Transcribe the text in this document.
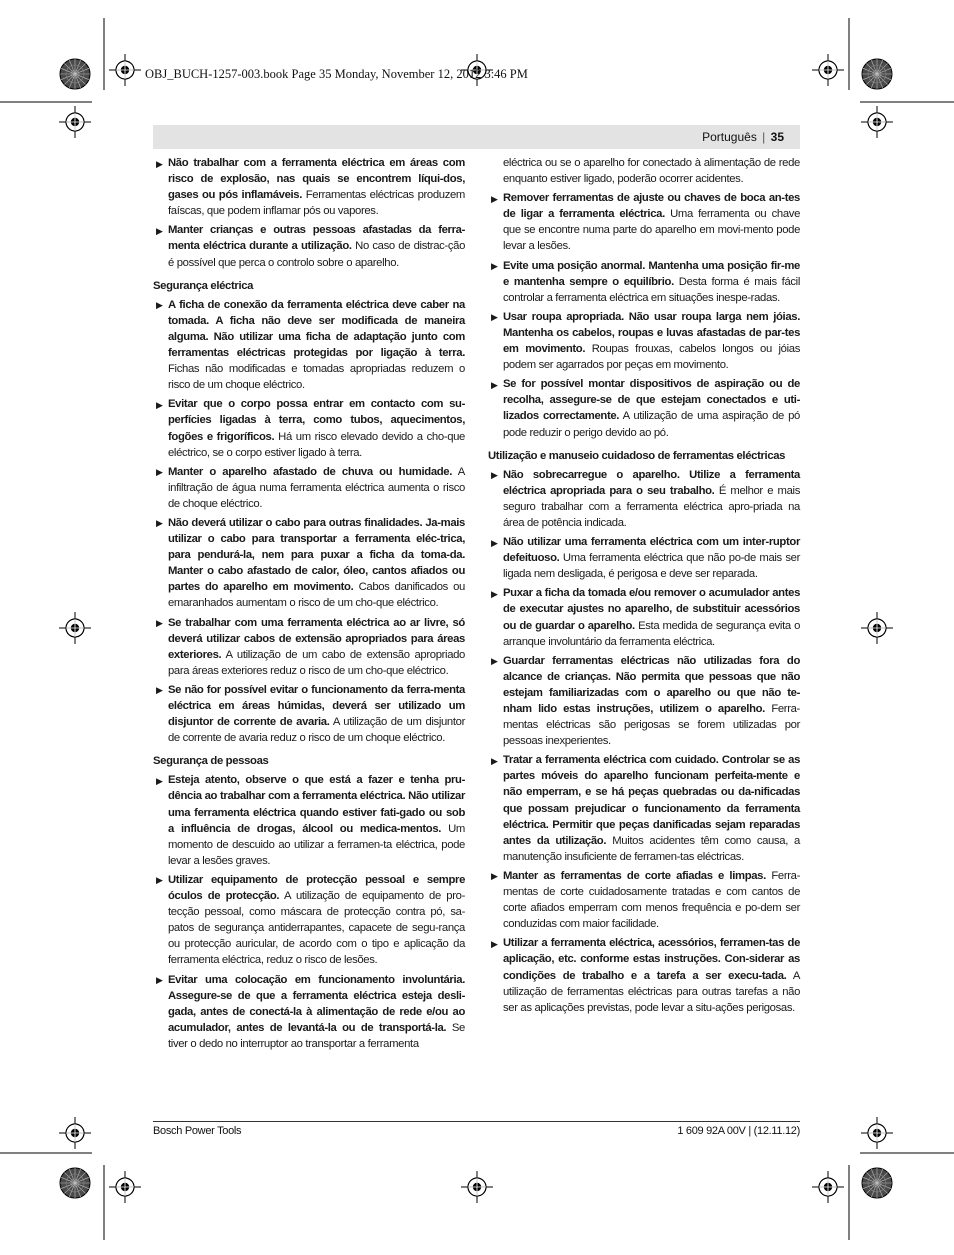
OBJ_BUCH-1257-003.book Page 35 Monday, November 12, 2012 3:46 PM
Português | 35
▶ Não trabalhar com a ferramenta eléctrica em áreas com risco de explosão, nas quais se encontrem líqui-dos, gases ou pós inflamáveis. Ferramentas eléctricas produzem faíscas, que podem inflamar pós ou vapores.
▶ Manter crianças e outras pessoas afastadas da ferra-menta eléctrica durante a utilização. No caso de distrac-ção é possível que perca o controlo sobre o aparelho.
Segurança eléctrica
▶ A ficha de conexão da ferramenta eléctrica deve caber na tomada. A ficha não deve ser modificada de maneira alguma. Não utilizar uma ficha de adaptação junto com ferramentas eléctricas protegidas por ligação à terra. Fichas não modificadas e tomadas apropriadas reduzem o risco de um choque eléctrico.
▶ Evitar que o corpo possa entrar em contacto com su-perfícies ligadas à terra, como tubos, aquecimentos, fogões e frigoríficos. Há um risco elevado devido a cho-que eléctrico, se o corpo estiver ligado à terra.
▶ Manter o aparelho afastado de chuva ou humidade. A infiltração de água numa ferramenta eléctrica aumenta o risco de choque eléctrico.
▶ Não deverá utilizar o cabo para outras finalidades. Ja-mais utilizar o cabo para transportar a ferramenta eléc-trica, para pendurá-la, nem para puxar a ficha da toma-da. Manter o cabo afastado de calor, óleo, cantos afiados ou partes do aparelho em movimento. Cabos danificados ou emaranhados aumentam o risco de um cho-que eléctrico.
▶ Se trabalhar com uma ferramenta eléctrica ao ar livre, só deverá utilizar cabos de extensão apropriados para áreas exteriores. A utilização de um cabo de extensão apropriado para áreas exteriores reduz o risco de um cho-que eléctrico.
▶ Se não for possível evitar o funcionamento da ferra-menta eléctrica em áreas húmidas, deverá ser utilizado um disjuntor de corrente de avaria. A utilização de um disjuntor de corrente de avaria reduz o risco de um choque eléctrico.
Segurança de pessoas
▶ Esteja atento, observe o que está a fazer e tenha pru-dência ao trabalhar com a ferramenta eléctrica. Não utilizar uma ferramenta eléctrica quando estiver fati-gado ou sob a influência de drogas, álcool ou medica-mentos. Um momento de descuido ao utilizar a ferramen-ta eléctrica, pode levar a lesões graves.
▶ Utilizar equipamento de protecção pessoal e sempre óculos de protecção. A utilização de equipamento de pro-tecção pessoal, como máscara de protecção contra pó, sa-patos de segurança antiderrapantes, capacete de segu-rança ou protecção auricular, de acordo com o tipo e aplicação da ferramenta eléctrica, reduz o risco de lesões.
▶ Evitar uma colocação em funcionamento involuntária. Assegure-se de que a ferramenta eléctrica esteja desli-gada, antes de conectá-la à alimentação de rede e/ou ao acumulador, antes de levantá-la ou de transportá-la. Se tiver o dedo no interruptor ao transportar a ferramenta
eléctrica ou se o aparelho for conectado à alimentação de rede enquanto estiver ligado, poderão ocorrer acidentes.
▶ Remover ferramentas de ajuste ou chaves de boca an-tes de ligar a ferramenta eléctrica. Uma ferramenta ou chave que se encontre numa parte do aparelho em movi-mento pode levar a lesões.
▶ Evite uma posição anormal. Mantenha uma posição fir-me e mantenha sempre o equilíbrio. Desta forma é mais fácil controlar a ferramenta eléctrica em situações inespe-radas.
▶ Usar roupa apropriada. Não usar roupa larga nem jóias. Mantenha os cabelos, roupas e luvas afastadas de par-tes em movimento. Roupas frouxas, cabelos longos ou jóias podem ser agarrados por peças em movimento.
▶ Se for possível montar dispositivos de aspiração ou de recolha, assegure-se de que estejam conectados e uti-lizados correctamente. A utilização de uma aspiração de pó pode reduzir o perigo devido ao pó.
Utilização e manuseio cuidadoso de ferramentas eléctricas
▶ Não sobrecarregue o aparelho. Utilize a ferramenta eléctrica apropriada para o seu trabalho. É melhor e mais seguro trabalhar com a ferramenta eléctrica apro-priada na área de potência indicada.
▶ Não utilizar uma ferramenta eléctrica com um inter-ruptor defeituoso. Uma ferramenta eléctrica que não po-de mais ser ligada nem desligada, é perigosa e deve ser reparada.
▶ Puxar a ficha da tomada e/ou remover o acumulador antes de executar ajustes no aparelho, de substituir acessórios ou de guardar o aparelho. Esta medida de segurança evita o arranque involuntário da ferramenta eléctrica.
▶ Guardar ferramentas eléctricas não utilizadas fora do alcance de crianças. Não permita que pessoas que não estejam familiarizadas com o aparelho ou que não te-nham lido estas instruções, utilizem o aparelho. Ferra-mentas eléctricas são perigosas se forem utilizadas por pessoas inexperientes.
▶ Tratar a ferramenta eléctrica com cuidado. Controlar se as partes móveis do aparelho funcionam perfeita-mente e não emperram, e se há peças quebradas ou da-nificadas que possam prejudicar o funcionamento da ferramenta eléctrica. Permitir que peças danificadas sejam reparadas antes da utilização. Muitos acidentes têm como causa, a manutenção insuficiente de ferramen-tas eléctricas.
▶ Manter as ferramentas de corte afiadas e limpas. Ferra-mentas de corte cuidadosamente tratadas e com cantos de corte afiados emperram com menos frequência e po-dem ser conduzidas com maior facilidade.
▶ Utilizar a ferramenta eléctrica, acessórios, ferramen-tas de aplicação, etc. conforme estas instruções. Con-siderar as condições de trabalho e a tarefa a ser execu-tada. A utilização de ferramentas eléctricas para outras tarefas a não ser as aplicações previstas, pode levar a situ-ações perigosas.
Bosch Power Tools	1 609 92A 00V | (12.11.12)
